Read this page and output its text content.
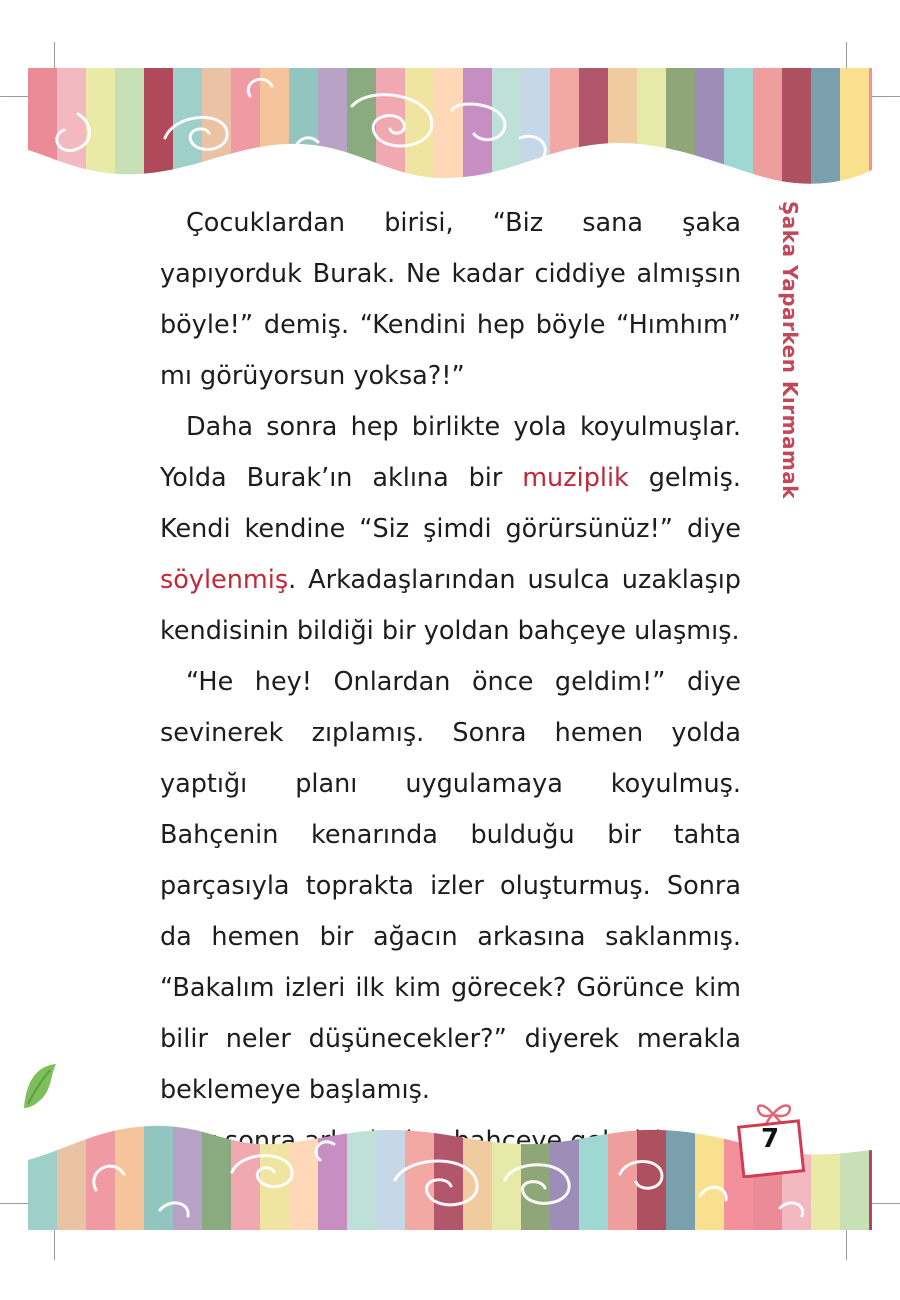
Şaka Yaparken Kırmamak

Çocuklardan birisi, “Biz sana şaka yapıyorduk Burak. Ne kadar ciddiye almışsın böyle!” demiş. “Kendini hep böyle “Hımhım” mı görüyorsun yoksa?!”

Daha sonra hep birlikte yola koyulmuşlar. Yolda Burak’ın aklına bir muziplik gelmiş. Kendi kendine “Siz şimdi görürsünüz!” diye söylenmiş. Arkadaşlarından usulca uzaklaşıp kendisinin bildiği bir yoldan bahçeye ulaşmış.

“He hey! Onlardan önce geldim!” diye sevinerek zıplamış. Sonra hemen yolda yaptığı planı uygulamaya koyulmuş. Bahçenin kenarında bulduğu bir tahta parçasıyla toprakta izler oluşturmuş. Sonra da hemen bir ağacın arkasına saklanmış. “Bakalım izleri ilk kim görecek? Görünce kim bilir neler düşünecekler?” diyerek merakla beklemeye başlamış.

sonra bahçeye	7
